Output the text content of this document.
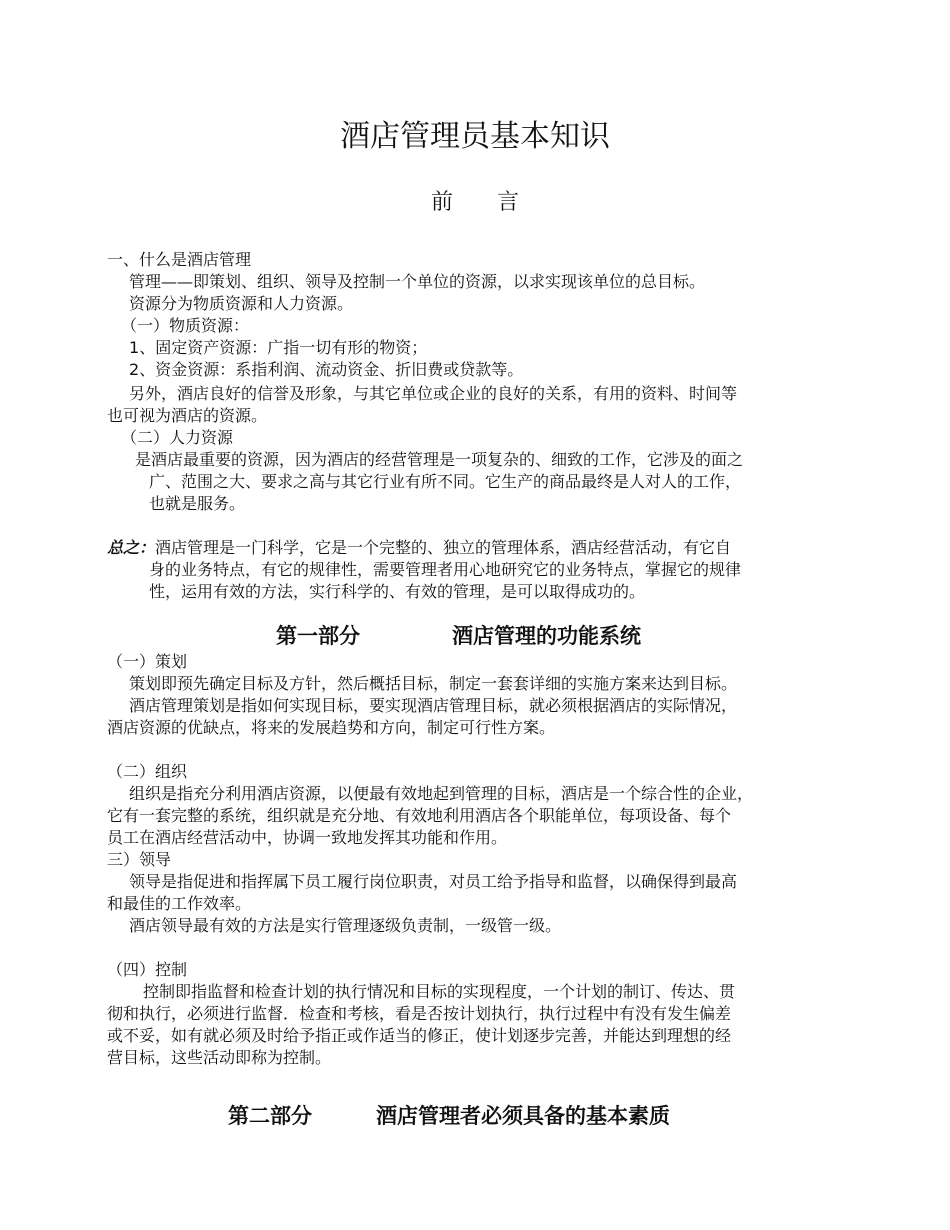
酒店管理员基本知识
前　　言
一、什么是酒店管理
管理——即策划、组织、领导及控制一个单位的资源，以求实现该单位的总目标。
资源分为物质资源和人力资源。
（一）物质资源：
1、固定资产资源：广指一切有形的物资；
2、资金资源：系指利润、流动资金、折旧费或贷款等。
另外，酒店良好的信誉及形象，与其它单位或企业的良好的关系，有用的资料、时间等
也可视为酒店的资源。
（二）人力资源
是酒店最重要的资源，因为酒店的经营管理是一项复杂的、细致的工作，它涉及的面之
广、范围之大、要求之高与其它行业有所不同。它生产的商品最终是人对人的工作，
也就是服务。
总之：酒店管理是一门科学，它是一个完整的、独立的管理体系，酒店经营活动，有它自
身的业务特点，有它的规律性，需要管理者用心地研究它的业务特点，掌握它的规律
性，运用有效的方法，实行科学的、有效的管理，是可以取得成功的。
第一部分	酒店管理的功能系统
（一）策划
策划即预先确定目标及方针，然后概括目标，制定一套套详细的实施方案来达到目标。
酒店管理策划是指如何实现目标，要实现酒店管理目标，就必须根据酒店的实际情况，
酒店资源的优缺点，将来的发展趋势和方向，制定可行性方案。
（二）组织
组织是指充分利用酒店资源，以便最有效地起到管理的目标，酒店是一个综合性的企业，
它有一套完整的系统，组织就是充分地、有效地利用酒店各个职能单位，每项设备、每个
员工在酒店经营活动中，协调一致地发挥其功能和作用。
三）领导
领导是指促进和指挥属下员工履行岗位职责，对员工给予指导和监督，以确保得到最高
和最佳的工作效率。
酒店领导最有效的方法是实行管理逐级负责制，一级管一级。
（四）控制
控制即指监督和检查计划的执行情况和目标的实现程度，一个计划的制订、传达、贯
彻和执行，必须进行监督．检查和考核，看是否按计划执行，执行过程中有没有发生偏差
或不妥，如有就必须及时给予指正或作适当的修正，使计划逐步完善，并能达到理想的经
营目标，这些活动即称为控制。
第二部分	酒店管理者必须具备的基本素质
